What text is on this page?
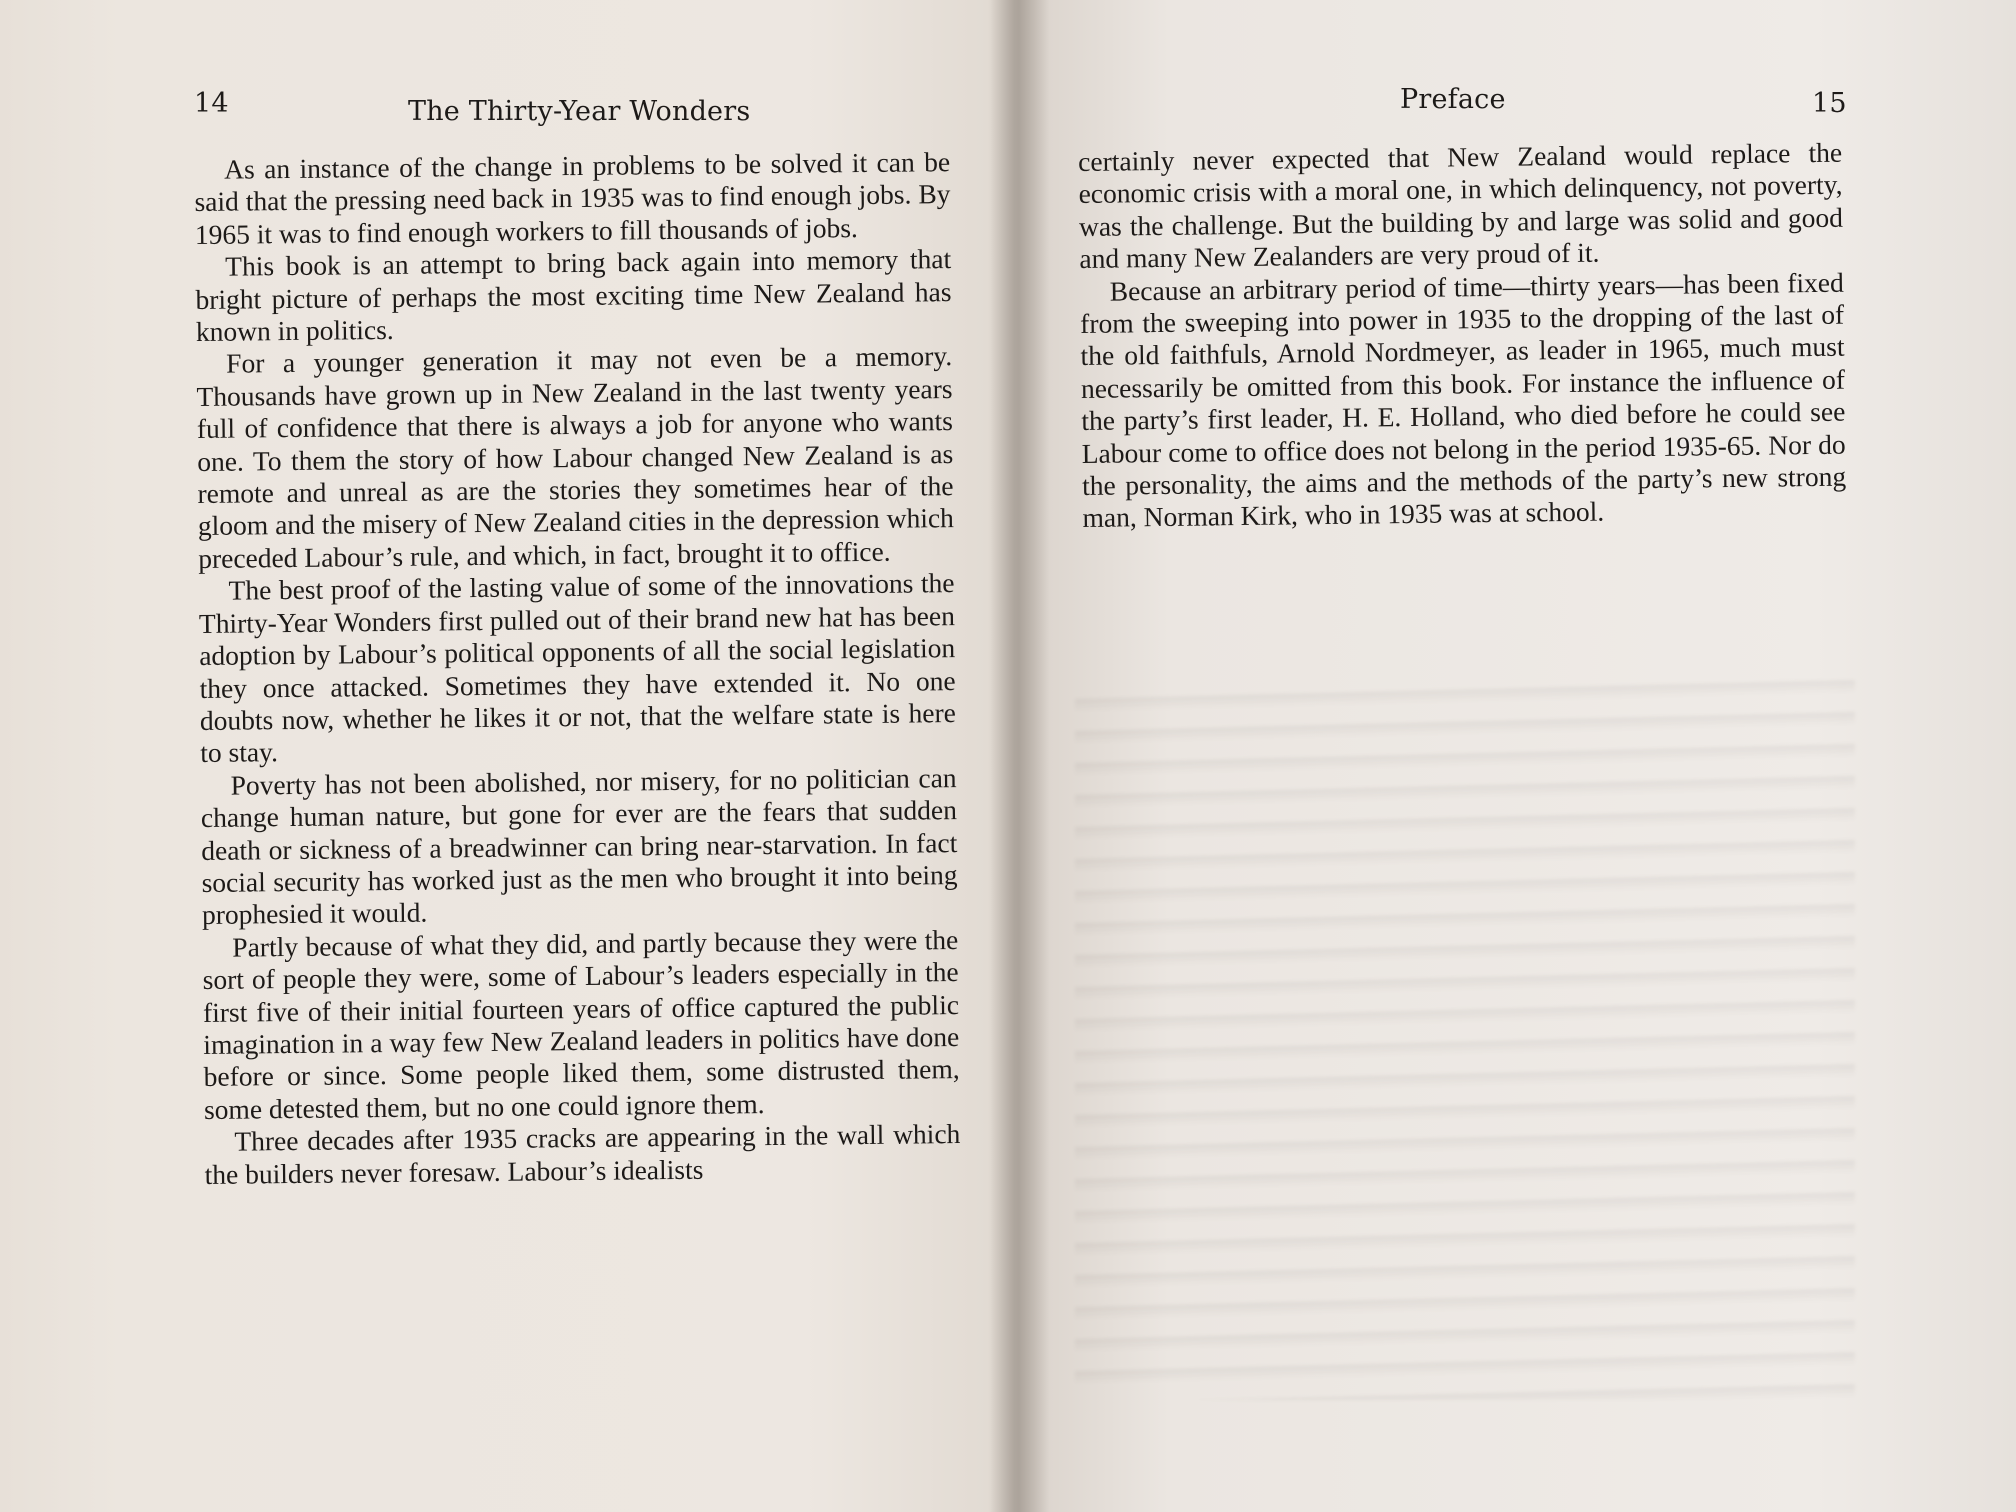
14	The Thirty-Year Wonders

As an instance of the change in problems to be solved it can be said that the pressing need back in 1935 was to find enough jobs. By 1965 it was to find enough workers to fill thousands of jobs.

This book is an attempt to bring back again into memory that bright picture of perhaps the most exciting time New Zealand has known in politics.

For a younger generation it may not even be a memory. Thousands have grown up in New Zealand in the last twenty years full of confidence that there is always a job for anyone who wants one. To them the story of how Labour changed New Zealand is as remote and unreal as are the stories they sometimes hear of the gloom and the misery of New Zealand cities in the depression which preceded Labour’s rule, and which, in fact, brought it to office.

The best proof of the lasting value of some of the innovations the Thirty-Year Wonders first pulled out of their brand new hat has been adoption by Labour’s political opponents of all the social legislation they once attacked. Sometimes they have extended it. No one doubts now, whether he likes it or not, that the welfare state is here to stay.

Poverty has not been abolished, nor misery, for no politician can change human nature, but gone for ever are the fears that sudden death or sickness of a breadwinner can bring near-starvation. In fact social security has worked just as the men who brought it into being prophesied it would.

Partly because of what they did, and partly because they were the sort of people they were, some of Labour’s leaders especially in the first five of their initial fourteen years of office captured the public imagination in a way few New Zealand leaders in politics have done before or since. Some people liked them, some distrusted them, some detested them, but no one could ignore them.

Three decades after 1935 cracks are appearing in the wall which the builders never foresaw. Labour’s idealists

Preface	15

certainly never expected that New Zealand would replace the economic crisis with a moral one, in which delinquency, not poverty, was the challenge. But the building by and large was solid and good and many New Zealanders are very proud of it.

Because an arbitrary period of time—thirty years—has been fixed from the sweeping into power in 1935 to the dropping of the last of the old faithfuls, Arnold Nordmeyer, as leader in 1965, much must necessarily be omitted from this book. For instance the influence of the party’s first leader, H. E. Holland, who died before he could see Labour come to office does not belong in the period 1935-65. Nor do the personality, the aims and the methods of the party’s new strong man, Norman Kirk, who in 1935 was at school.
